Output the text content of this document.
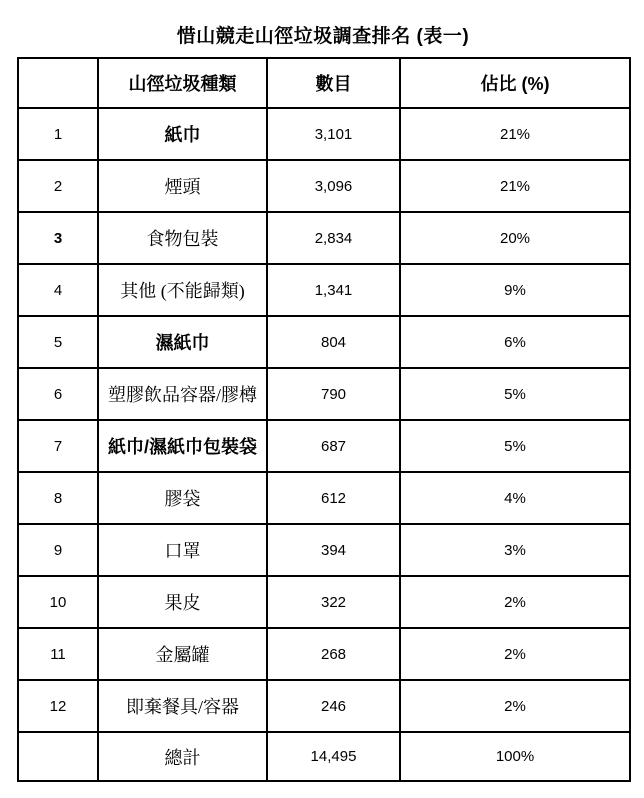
惜山競走山徑垃圾調查排名 (表一)
	山徑垃圾種類	數目	佔比 (%)
1	紙巾	3,101	21%
2	煙頭	3,096	21%
3	食物包裝	2,834	20%
4	其他 (不能歸類)	1,341	9%
5	濕紙巾	804	6%
6	塑膠飲品容器/膠樽	790	5%
7	紙巾/濕紙巾包裝袋	687	5%
8	膠袋	612	4%
9	口罩	394	3%
10	果皮	322	2%
11	金屬罐	268	2%
12	即棄餐具/容器	246	2%
	總計	14,495	100%
